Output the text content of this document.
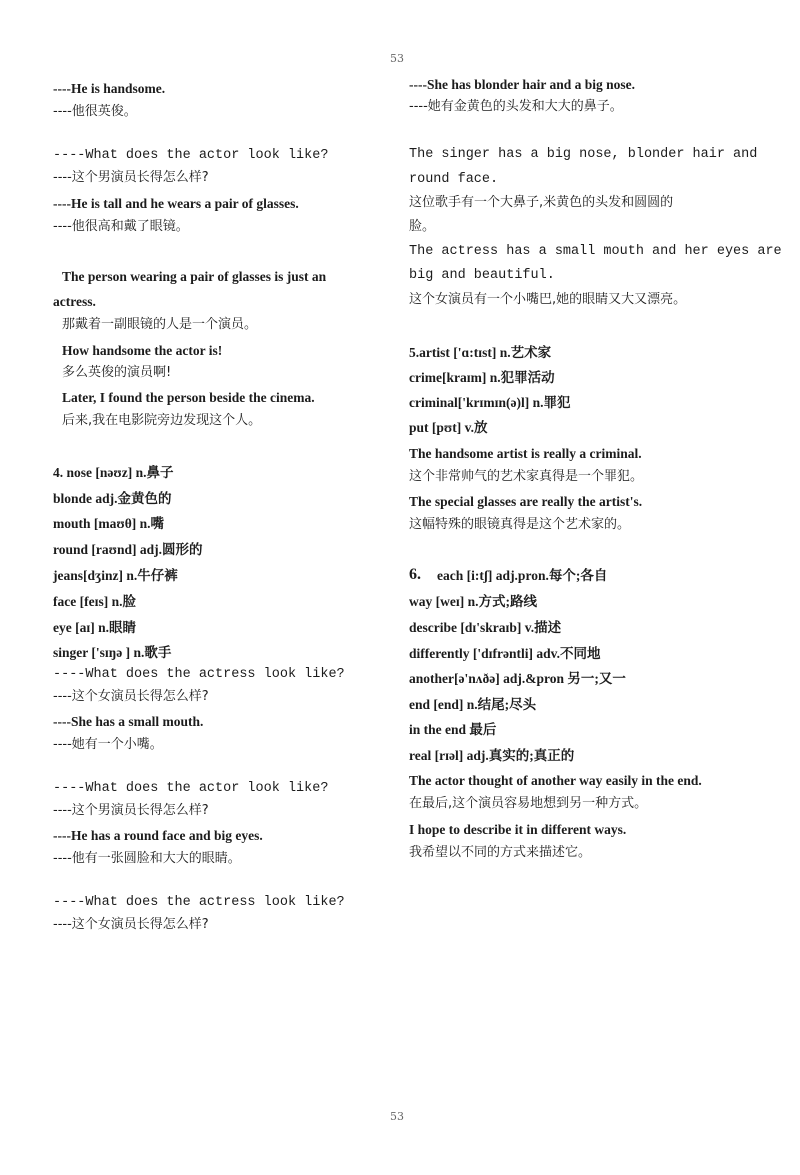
53
----He is handsome.
----他很英俊。
----What does the actor look like?
----这个男演员长得怎么样?
----He is tall and he wears a pair of glasses.
----他很高和戴了眼镜。
The person wearing a pair of glasses is just an
actress.
那戴着一副眼镜的人是一个演员。
How handsome the actor is!
多么英俊的演员啊!
Later, I found the person beside the cinema.
后来,我在电影院旁边发现这个人。
4. nose [nəʊz] n.鼻子
blonde adj.金黄色的
mouth [maʊθ] n.嘴
round [raʊnd] adj.圆形的
jeans[dʒinz] n.牛仔裤
face [feɪs] n.脸
eye [aɪ] n.眼睛
singer ['sɪŋə ] n.歌手
----What does the actress look like?
----这个女演员长得怎么样?
----She has a small mouth.
----她有一个小嘴。
----What does the actor look like?
----这个男演员长得怎么样?
----He has a round face and big eyes.
----他有一张圆脸和大大的眼睛。
----What does the actress look like?
----这个女演员长得怎么样?
----She has blonder hair and a big nose.
----她有金黄色的头发和大大的鼻子。
The singer has a big nose, blonder hair and
round face.
这位歌手有一个大鼻子,米黄色的头发和圆圆的
脸。
The actress has a small mouth and her eyes are
big and beautiful.
这个女演员有一个小嘴巴,她的眼睛又大又漂亮。
5.artist ['ɑ:tɪst] n.艺术家
crime[kraɪm] n.犯罪活动
criminal['krɪmɪn(ə)l] n.罪犯
put [pʊt] v.放
The handsome artist is really a criminal.
这个非常帅气的艺术家真得是一个罪犯。
The special glasses are really the artist's.
这幅特殊的眼镜真得是这个艺术家的。
6. each [i:tʃ] adj.pron.每个;各自
way [weɪ] n.方式;路线
describe [dɪ'skraɪb] v.描述
differently ['dɪfrəntli] adv.不同地
another[ə'nʌðə] adj.&pron 另一;又一
end [end] n.结尾;尽头
in the end 最后
real [rɪəl] adj.真实的;真正的
The actor thought of another way easily in the end.
在最后,这个演员容易地想到另一种方式。
I hope to describe it in different ways.
我希望以不同的方式来描述它。
53
